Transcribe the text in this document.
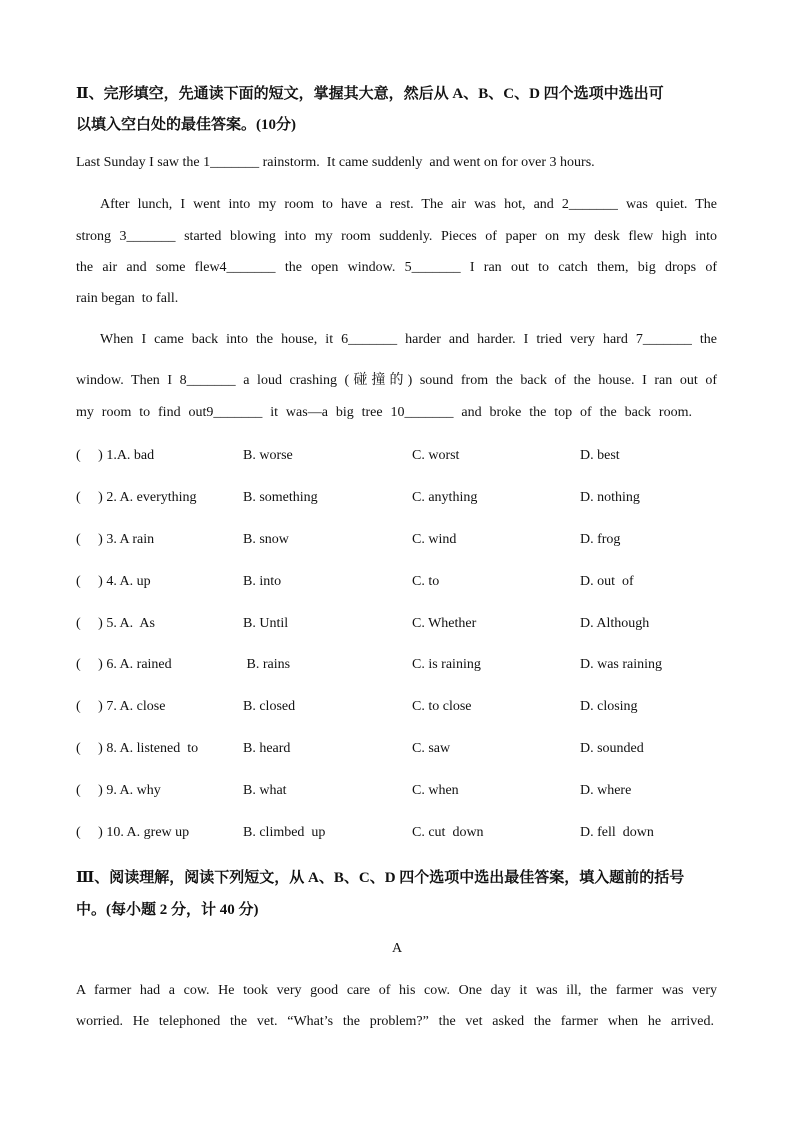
Ⅱ、完形填空，先通读下面的短文，掌握其大意，然后从 A、B、C、D 四个选项中选出可
以填入空白处的最佳答案。(10分)
Last Sunday I saw the 1_______ rainstorm.  It came suddenly  and went on for over 3 hours.
After lunch, I went into my room to have a rest. The air was hot, and 2_______ was quiet. The
strong 3_______ started blowing into my room suddenly. Pieces of paper on my desk flew high into
the air and some flew4_______ the open window. 5_______ I ran out to catch them, big drops of
rain began  to fall.
When I came back into the house, it 6_______ harder and harder. I tried very hard 7_______ the
window. Then I 8_______ a loud crashing (碰撞的) sound from the back of the house. I ran out of
my room to find out9_______ it was—a big tree 10_______ and broke the top of the back room.
(     ) 1.A. bad	B. worse	C. worst	D. best
(     ) 2. A. everything	B. something	C. anything	D. nothing
(     ) 3. A rain	B. snow	C. wind	D. frog
(     ) 4. A. up	B. into	C. to	D. out  of
(     ) 5. A.  As	B. Until	C. Whether	D. Although
(     ) 6. A. rained	B. rains	C. is raining	D. was raining
(     ) 7. A. close	B. closed	C. to close	D. closing
(     ) 8. A. listened  to	B. heard	C. saw	D. sounded
(     ) 9. A. why	B. what	C. when	D. where
(     ) 10. A. grew up	B. climbed  up	C. cut  down	D. fell  down
Ⅲ、阅读理解，阅读下列短文，从 A、B、C、D 四个选项中选出最佳答案，填入题前的括号
中。(每小题 2 分，计 40 分)
A
A farmer had a cow. He took very good care of his cow. One day it was ill, the farmer was very
worried. He telephoned the vet. “What’s the problem?” the vet asked the farmer when he arrived.
